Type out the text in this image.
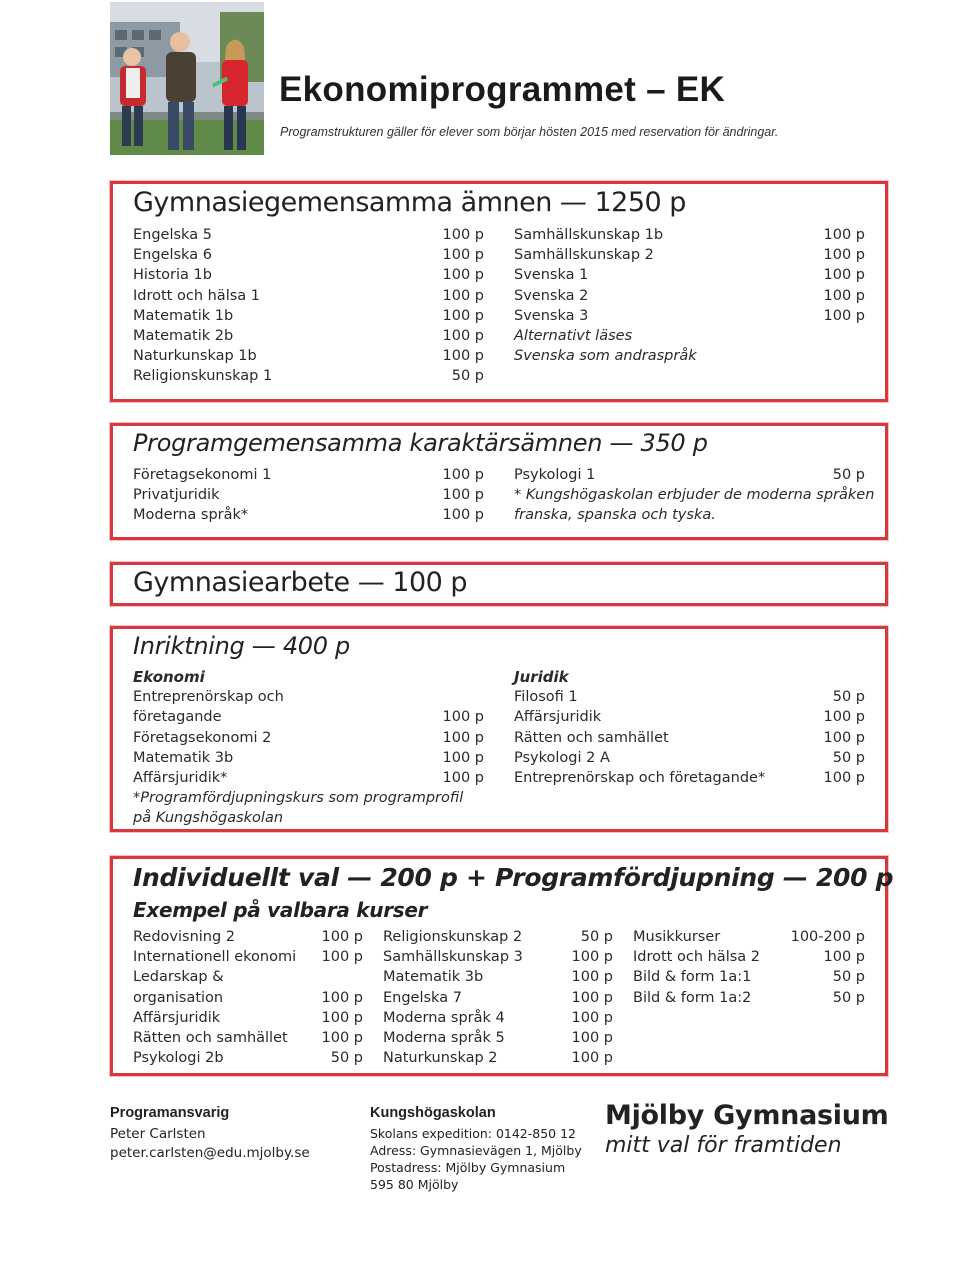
Ekonomiprogrammet – EK
Programstrukturen gäller för elever som börjar hösten 2015 med reservation för ändringar.
Gymnasiegemensamma ämnen — 1250 p
Engelska 5	100 p
Engelska 6	100 p
Historia 1b	100 p
Idrott och hälsa 1	100 p
Matematik 1b	100 p
Matematik 2b	100 p
Naturkunskap 1b	100 p
Religionskunskap 1	50 p
Samhällskunskap 1b	100 p
Samhällskunskap 2	100 p
Svenska 1	100 p
Svenska 2	100 p
Svenska 3	100 p
Alternativt läses
Svenska som andraspråk
Programgemensamma karaktärsämnen — 350 p
Företagsekonomi 1	100 p
Privatjuridik	100 p
Moderna språk*	100 p
Psykologi 1	50 p
* Kungshögaskolan erbjuder de moderna språken
franska, spanska och tyska.
Gymnasiearbete — 100 p
Inriktning — 400 p
Ekonomi
Entreprenörskap och
företagande	100 p
Företagsekonomi 2	100 p
Matematik 3b	100 p
Affärsjuridik*	100 p
*Programfördjupningskurs som programprofil
på Kungshögaskolan
Juridik
Filosofi 1	50 p
Affärsjuridik	100 p
Rätten och samhället	100 p
Psykologi 2 A	50 p
Entreprenörskap och företagande*	100 p
Individuellt val — 200 p + Programfördjupning — 200 p
Exempel på valbara kurser
Redovisning 2	100 p
Internationell ekonomi 100 p
Ledarskap &
organisation	100 p
Affärsjuridik	100 p
Rätten och samhället 100 p
Psykologi 2b	50 p
Religionskunskap 2	50 p
Samhällskunskap 3	100 p
Matematik 3b	100 p
Engelska 7	100 p
Moderna språk 4	100 p
Moderna språk 5	100 p
Naturkunskap 2	100 p
Musikkurser	100-200 p
Idrott och hälsa 2	100 p
Bild & form 1a:1	50 p
Bild & form 1a:2	50 p
Programansvarig
Peter Carlsten
peter.carlsten@edu.mjolby.se
Kungshögaskolan
Skolans expedition: 0142-850 12
Adress: Gymnasievägen 1, Mjölby
Postadress: Mjölby Gymnasium
595 80 Mjölby
Mjölby Gymnasium
mitt val för framtiden
